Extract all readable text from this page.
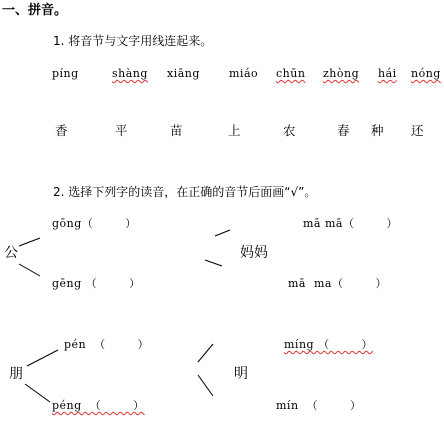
一、拼音。
1. 将音节与文字用线连起来。
píng	shàng xiāng	miáo chūn zhòng hái nóng
香	平	苗	上	农	春 种 还
2. 选择下列字的读音，在正确的音节后面画“√”。
公
gōng（        ）
gēng （        ）
妈妈
mā mā（        ）
mā  ma（        ）
朋
pén  （        ）
péng  （        ）
明
míng （        ）
mín  （        ）
